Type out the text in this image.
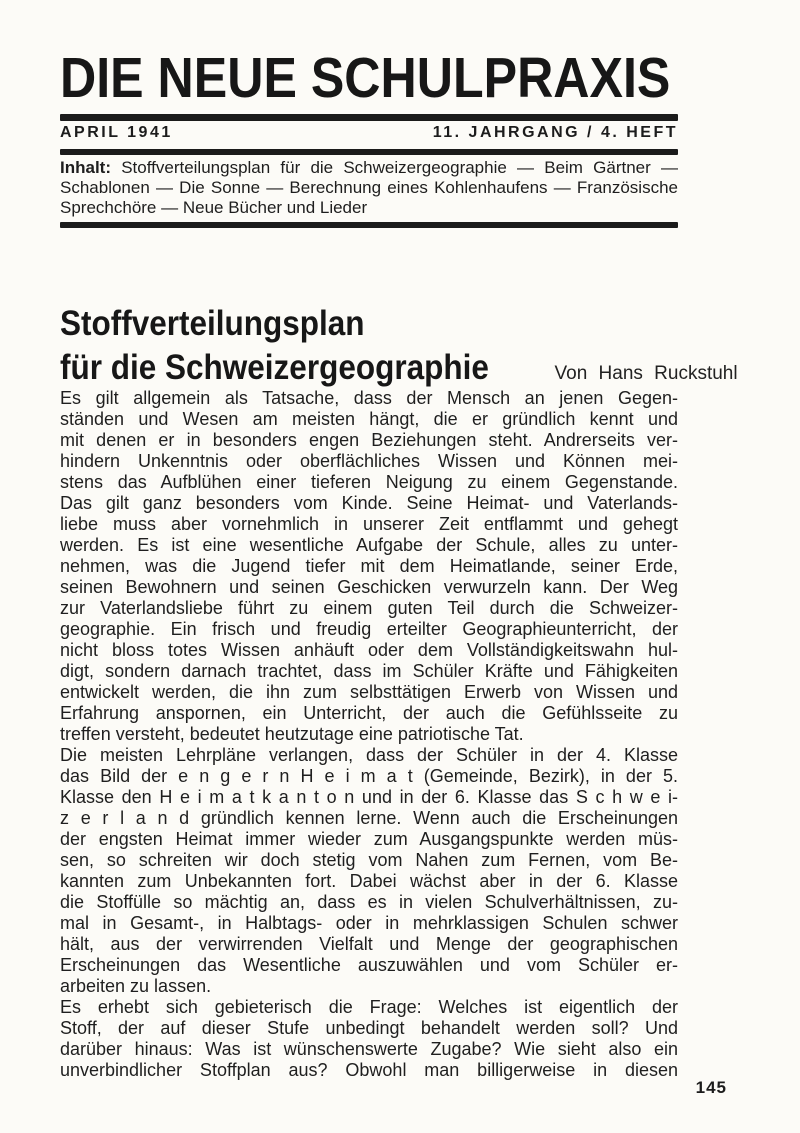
DIE NEUE SCHULPRAXIS
APRIL 1941	11. JAHRGANG / 4. HEFT
Inhalt: Stoffverteilungsplan für die Schweizergeographie — Beim Gärtner —
Schablonen — Die Sonne — Berechnung eines Kohlenhaufens — Französische
Sprechchöre — Neue Bücher und Lieder
Stoffverteilungsplan
für die Schweizergeographie	Von Hans Ruckstuhl
Es gilt allgemein als Tatsache, dass der Mensch an jenen Gegen-
ständen und Wesen am meisten hängt, die er gründlich kennt und
mit denen er in besonders engen Beziehungen steht. Andrerseits ver-
hindern Unkenntnis oder oberflächliches Wissen und Können mei-
stens das Aufblühen einer tieferen Neigung zu einem Gegenstande.
Das gilt ganz besonders vom Kinde. Seine Heimat- und Vaterlands-
liebe muss aber vornehmlich in unserer Zeit entflammt und gehegt
werden. Es ist eine wesentliche Aufgabe der Schule, alles zu unter-
nehmen, was die Jugend tiefer mit dem Heimatlande, seiner Erde,
seinen Bewohnern und seinen Geschicken verwurzeln kann. Der Weg
zur Vaterlandsliebe führt zu einem guten Teil durch die Schweizer-
geographie. Ein frisch und freudig erteilter Geographieunterricht, der
nicht bloss totes Wissen anhäuft oder dem Vollständigkeitswahn hul-
digt, sondern darnach trachtet, dass im Schüler Kräfte und Fähigkeiten
entwickelt werden, die ihn zum selbsttätigen Erwerb von Wissen und
Erfahrung anspornen, ein Unterricht, der auch die Gefühlsseite zu
treffen versteht, bedeutet heutzutage eine patriotische Tat.
Die meisten Lehrpläne verlangen, dass der Schüler in der 4. Klasse
das Bild der e n g e r n H e i m a t (Gemeinde, Bezirk), in der 5.
Klasse den H e i m a t k a n t o n und in der 6. Klasse das S c h w e i-
z e r l a n d gründlich kennen lerne. Wenn auch die Erscheinungen
der engsten Heimat immer wieder zum Ausgangspunkte werden müs-
sen, so schreiten wir doch stetig vom Nahen zum Fernen, vom Be-
kannten zum Unbekannten fort. Dabei wächst aber in der 6. Klasse
die Stoffülle so mächtig an, dass es in vielen Schulverhältnissen, zu-
mal in Gesamt-, in Halbtags- oder in mehrklassigen Schulen schwer
hält, aus der verwirrenden Vielfalt und Menge der geographischen
Erscheinungen das Wesentliche auszuwählen und vom Schüler er-
arbeiten zu lassen.
Es erhebt sich gebieterisch die Frage: Welches ist eigentlich der
Stoff, der auf dieser Stufe unbedingt behandelt werden soll? Und
darüber hinaus: Was ist wünschenswerte Zugabe? Wie sieht also ein
unverbindlicher Stoffplan aus? Obwohl man billigerweise in diesen
145
